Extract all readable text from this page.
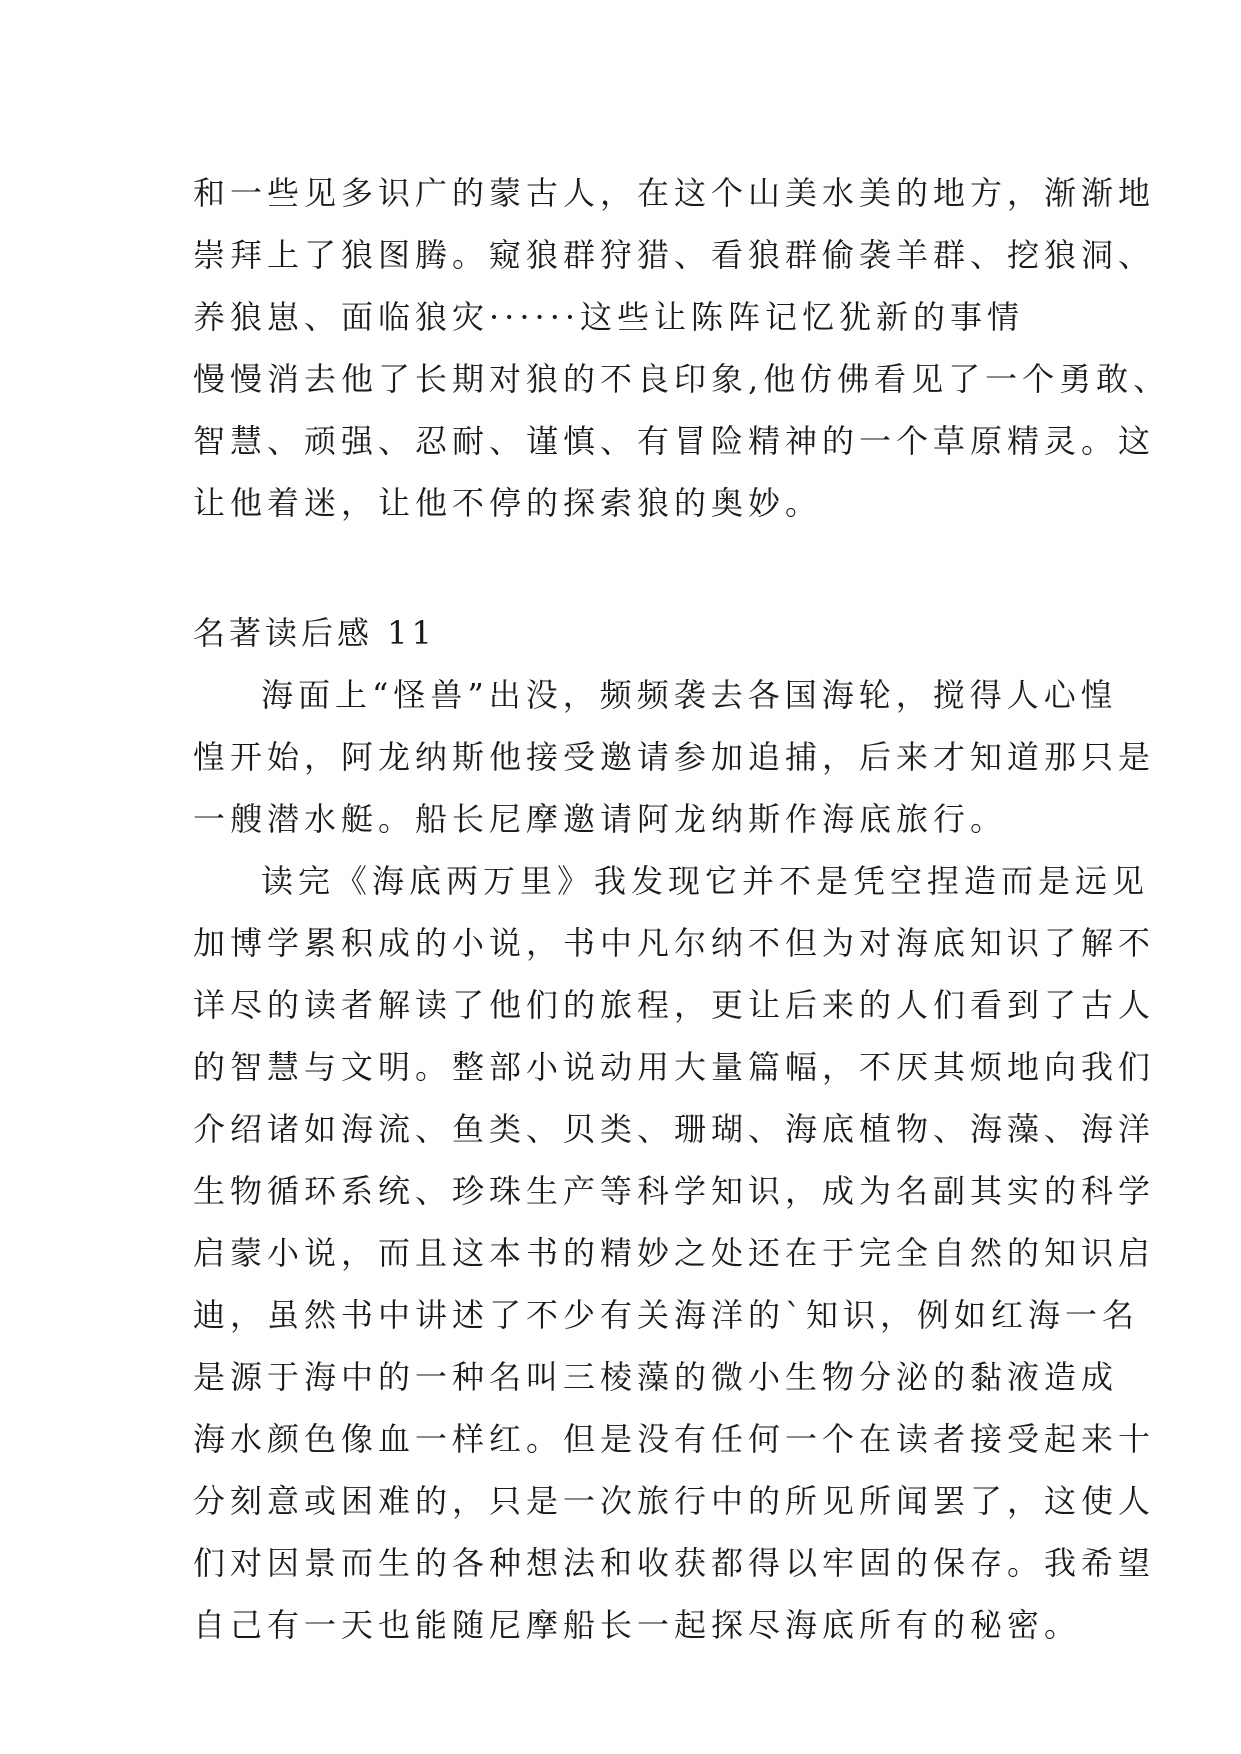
和一些见多识广的蒙古人，在这个山美水美的地方，渐渐地
崇拜上了狼图腾。窥狼群狩猎、看狼群偷袭羊群、挖狼洞、
养狼崽、面临狼灾······这些让陈阵记忆犹新的事情
慢慢消去他了长期对狼的不良印象,他仿佛看见了一个勇敢、
智慧、顽强、忍耐、谨慎、有冒险精神的一个草原精灵。这
让他着迷，让他不停的探索狼的奥妙。
名著读后感 11
海面上“怪兽”出没，频频袭去各国海轮，搅得人心惶
惶开始，阿龙纳斯他接受邀请参加追捕，后来才知道那只是
一艘潜水艇。船长尼摩邀请阿龙纳斯作海底旅行。
读完《海底两万里》我发现它并不是凭空捏造而是远见
加博学累积成的小说，书中凡尔纳不但为对海底知识了解不
详尽的读者解读了他们的旅程，更让后来的人们看到了古人
的智慧与文明。整部小说动用大量篇幅，不厌其烦地向我们
介绍诸如海流、鱼类、贝类、珊瑚、海底植物、海藻、海洋
生物循环系统、珍珠生产等科学知识，成为名副其实的科学
启蒙小说，而且这本书的精妙之处还在于完全自然的知识启
迪，虽然书中讲述了不少有关海洋的`知识，例如红海一名
是源于海中的一种名叫三棱藻的微小生物分泌的黏液造成
海水颜色像血一样红。但是没有任何一个在读者接受起来十
分刻意或困难的，只是一次旅行中的所见所闻罢了，这使人
们对因景而生的各种想法和收获都得以牢固的保存。我希望
自己有一天也能随尼摩船长一起探尽海底所有的秘密。
